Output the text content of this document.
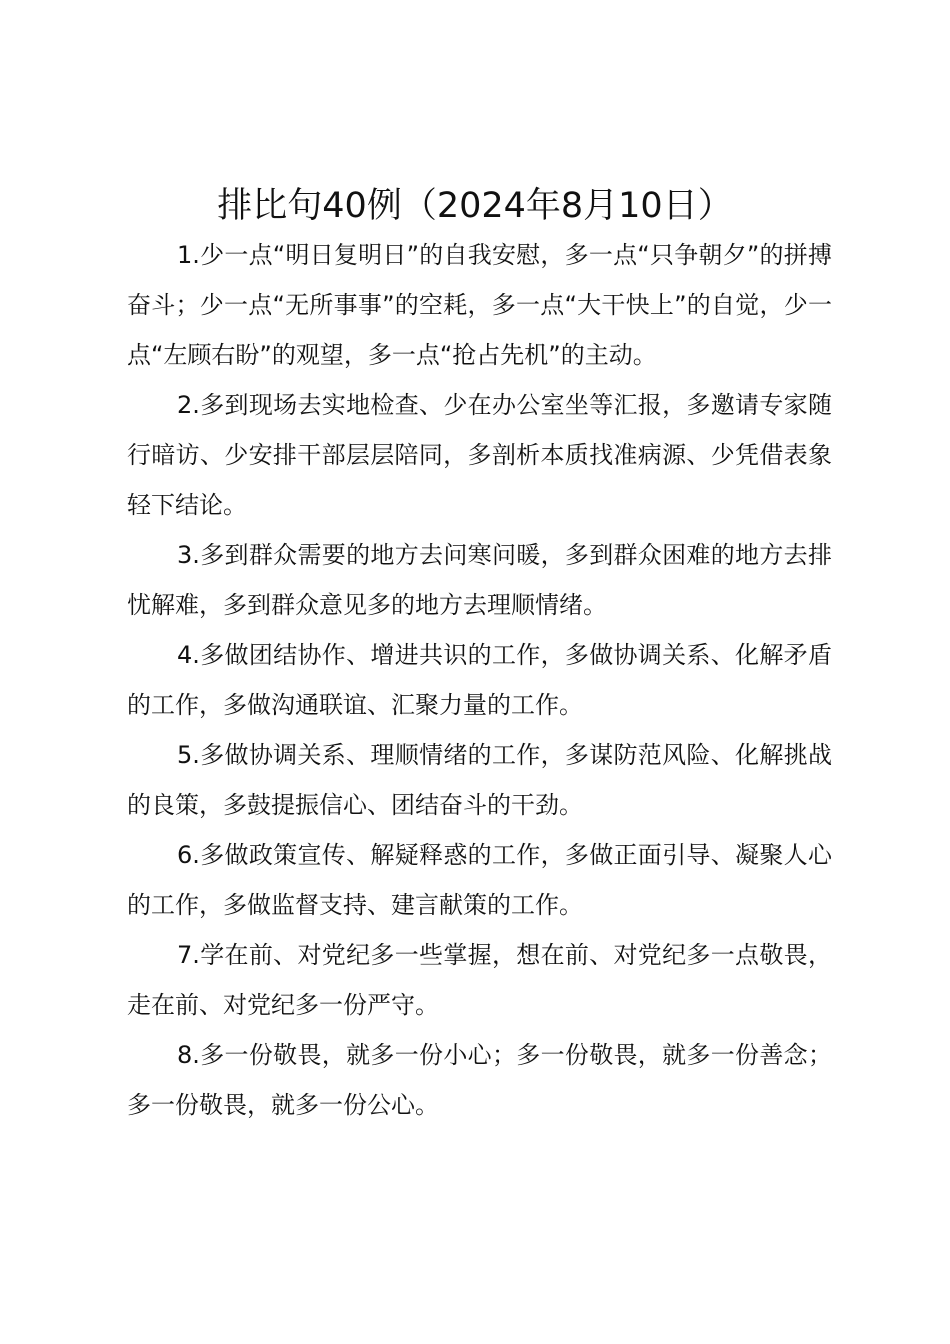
排比句40例（2024年8月10日）

1.少一点“明日复明日”的自我安慰，多一点“只争朝夕”的拼搏奋斗；少一点“无所事事”的空耗，多一点“大干快上”的自觉，少一点“左顾右盼”的观望，多一点“抢占先机”的主动。

2.多到现场去实地检查、少在办公室坐等汇报，多邀请专家随行暗访、少安排干部层层陪同，多剖析本质找准病源、少凭借表象轻下结论。

3.多到群众需要的地方去问寒问暖，多到群众困难的地方去排忧解难，多到群众意见多的地方去理顺情绪。

4.多做团结协作、增进共识的工作，多做协调关系、化解矛盾的工作，多做沟通联谊、汇聚力量的工作。

5.多做协调关系、理顺情绪的工作，多谋防范风险、化解挑战的良策，多鼓提振信心、团结奋斗的干劲。

6.多做政策宣传、解疑释惑的工作，多做正面引导、凝聚人心的工作，多做监督支持、建言献策的工作。

7.学在前、对党纪多一些掌握，想在前、对党纪多一点敬畏，走在前、对党纪多一份严守。

8.多一份敬畏，就多一份小心；多一份敬畏，就多一份善念；多一份敬畏，就多一份公心。
